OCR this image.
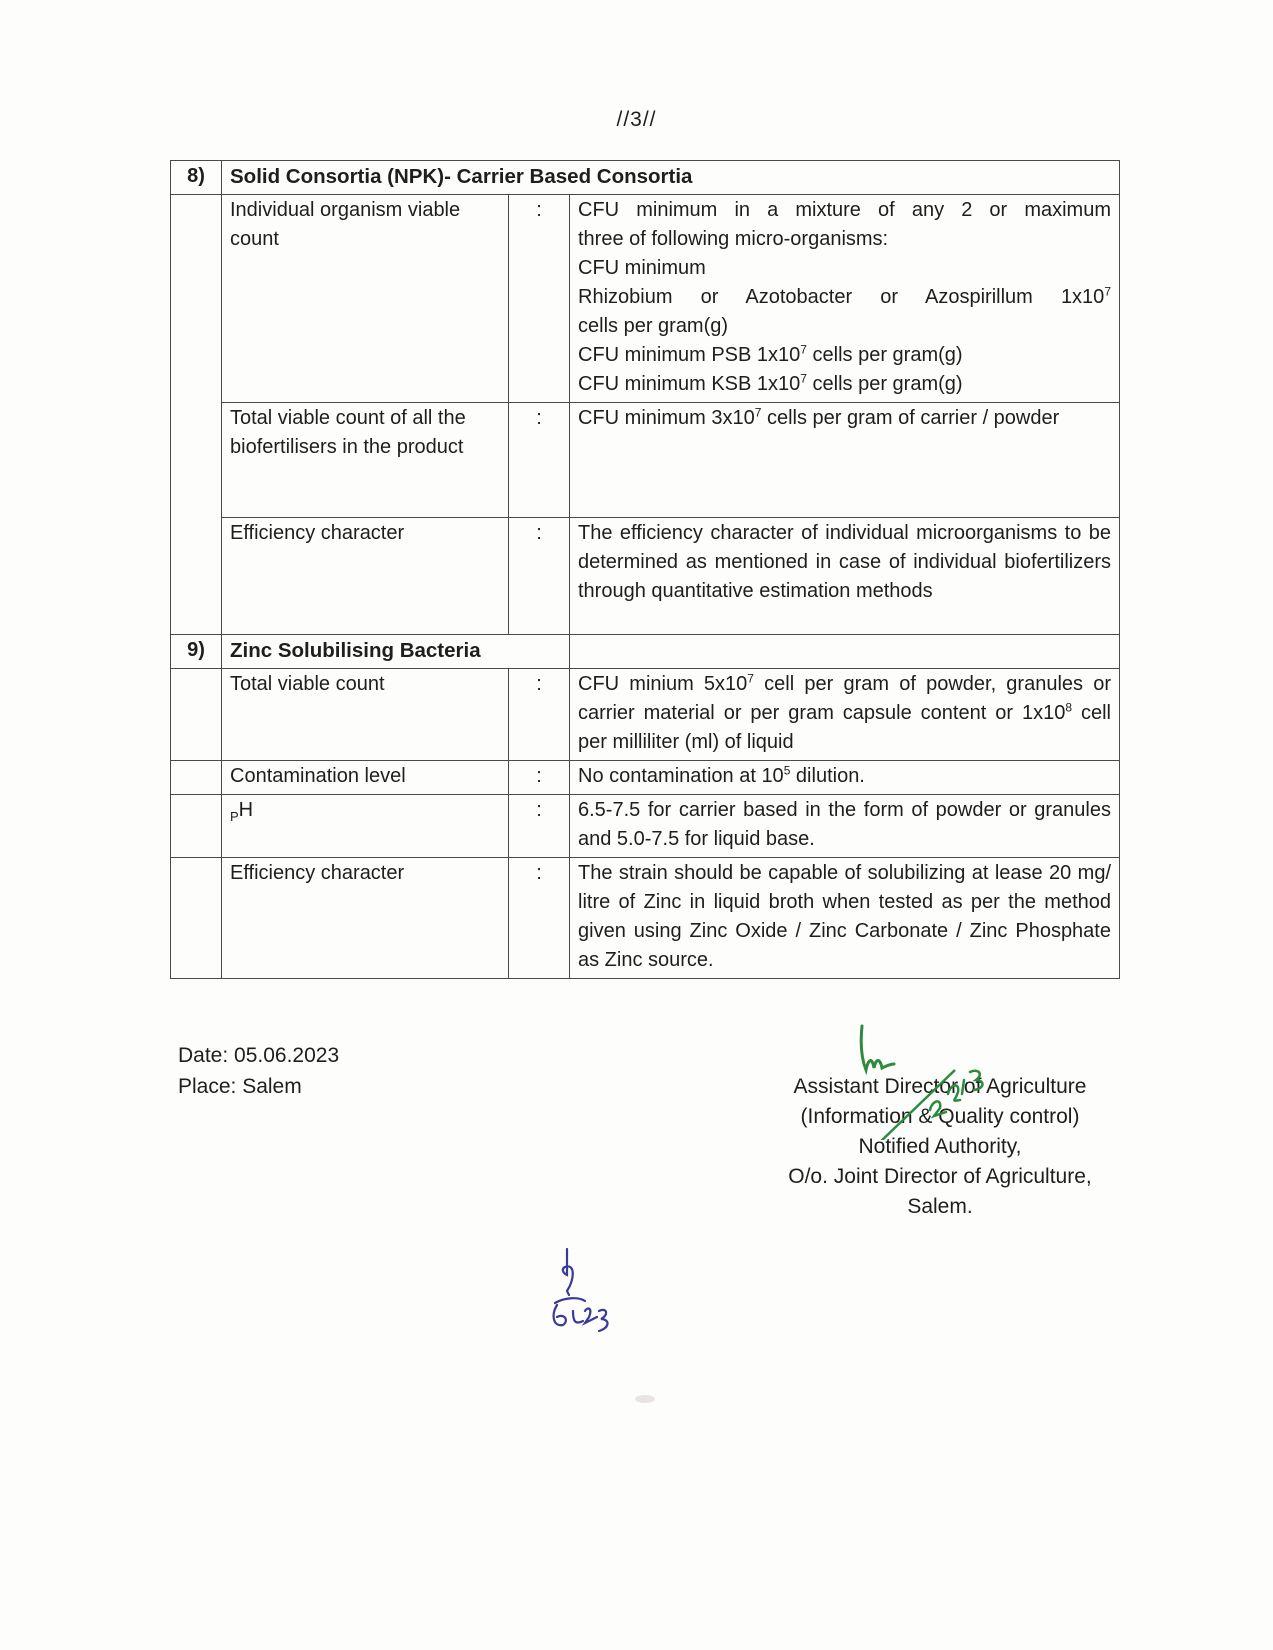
//3//
8)	Solid Consortia (NPK)- Carrier Based Consortia		
	Individual organism viable count	:	CFU minimum in a mixture of any 2 or maximum
three of following micro-organisms:
CFU minimum
Rhizobium or Azotobacter or Azospirillum $1x10^7$
cells per gram(g)
CFU minimum PSB $1x10^7$ cells per gram(g)
CFU minimum KSB $1x10^7$ cells per gram(g)

	Total viable count of all the biofertilisers in the product	:	CFU minimum $3x10^7$ cells per gram of carrier / powder
	Efficiency character	:	The efficiency character of individual microorganisms to be determined as mentioned in case of individual biofertilizers through quantitative estimation methods
9)	Zinc Solubilising Bacteria		
	Total viable count	:	CFU minium $5x10^7$ cell per gram of powder, granules or carrier material or per gram capsule content or $1x10^8$ cell per milliliter (ml) of liquid
	Contamination level	:	No contamination at $10^5$ dilution.
	$_P$H	:	6.5-7.5 for carrier based in the form of powder or granules and 5.0-7.5 for liquid base.
	Efficiency character	:	The strain should be capable of solubilizing at lease 20 mg/ litre of Zinc in liquid broth when tested as per the method given using Zinc Oxide / Zinc Carbonate / Zinc Phosphate as Zinc source.
Date: 05.06.2023
Place: Salem	Assistant Director of Agriculture
(Information & Quality control)
Notified Authority,
O/o. Joint Director of Agriculture,
Salem.
